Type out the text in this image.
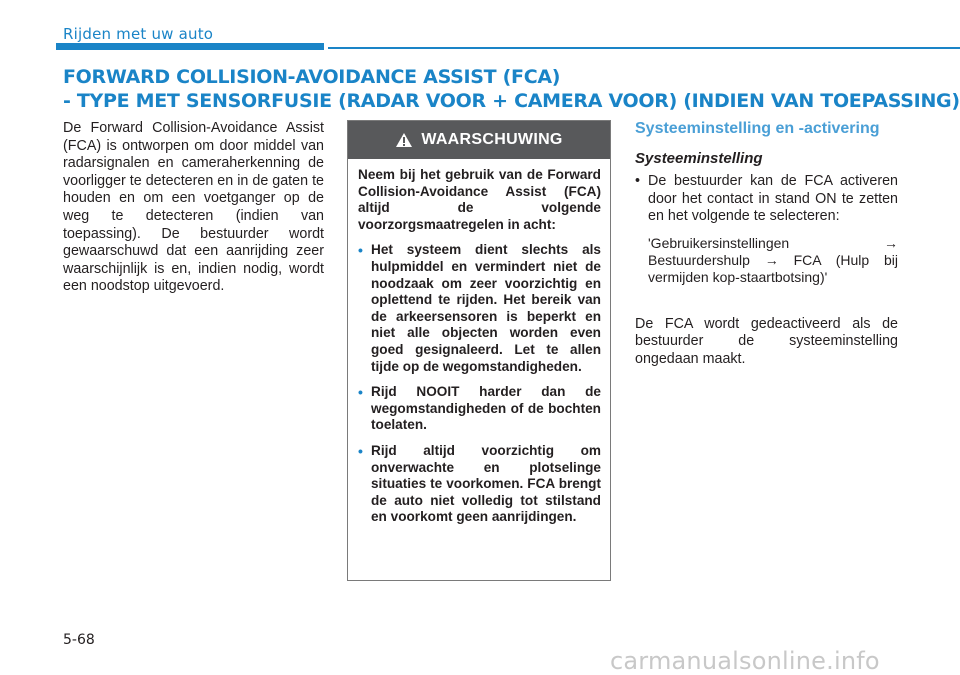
Rijden met uw auto
FORWARD COLLISION-AVOIDANCE ASSIST (FCA)
- TYPE MET SENSORFUSIE (RADAR VOOR + CAMERA VOOR) (INDIEN VAN TOEPASSING)

De Forward Collision-Avoidance Assist (FCA) is ontworpen om door middel van radarsignalen en cameraherkenning de voorligger te detecteren en in de gaten te houden en om een voetganger op de weg te detecteren (indien van toepassing). De bestuurder wordt gewaarschuwd dat een aanrijding zeer waarschijnlijk is en, indien nodig, wordt een noodstop uitgevoerd.

WAARSCHUWING

Neem bij het gebruik van de Forward Collision-Avoidance Assist (FCA) altijd de volgende voorzorgsmaatregelen in acht:

• Het systeem dient slechts als hulpmiddel en vermindert niet de noodzaak om zeer voorzichtig en oplettend te rijden. Het bereik van de arkeersensoren is beperkt en niet alle objecten worden even goed gesignaleerd. Let te allen tijde op de wegomstandigheden.
• Rijd NOOIT harder dan de wegomstandigheden of de bochten toelaten.
• Rijd altijd voorzichtig om onverwachte en plotselinge situaties te voorkomen. FCA brengt de auto niet volledig tot stilstand en voorkomt geen aanrijdingen.
Systeeminstelling en -activering
Systeeminstelling
• De bestuurder kan de FCA activeren door het contact in stand ON te zetten en het volgende te selecteren:
'Gebruikersinstellingen → Bestuurdershulp → FCA (Hulp bij vermijden kop-staartbotsing)'

De FCA wordt gedeactiveerd als de bestuurder de systeeminstelling ongedaan maakt.

5-68
carmanualsonline.info
